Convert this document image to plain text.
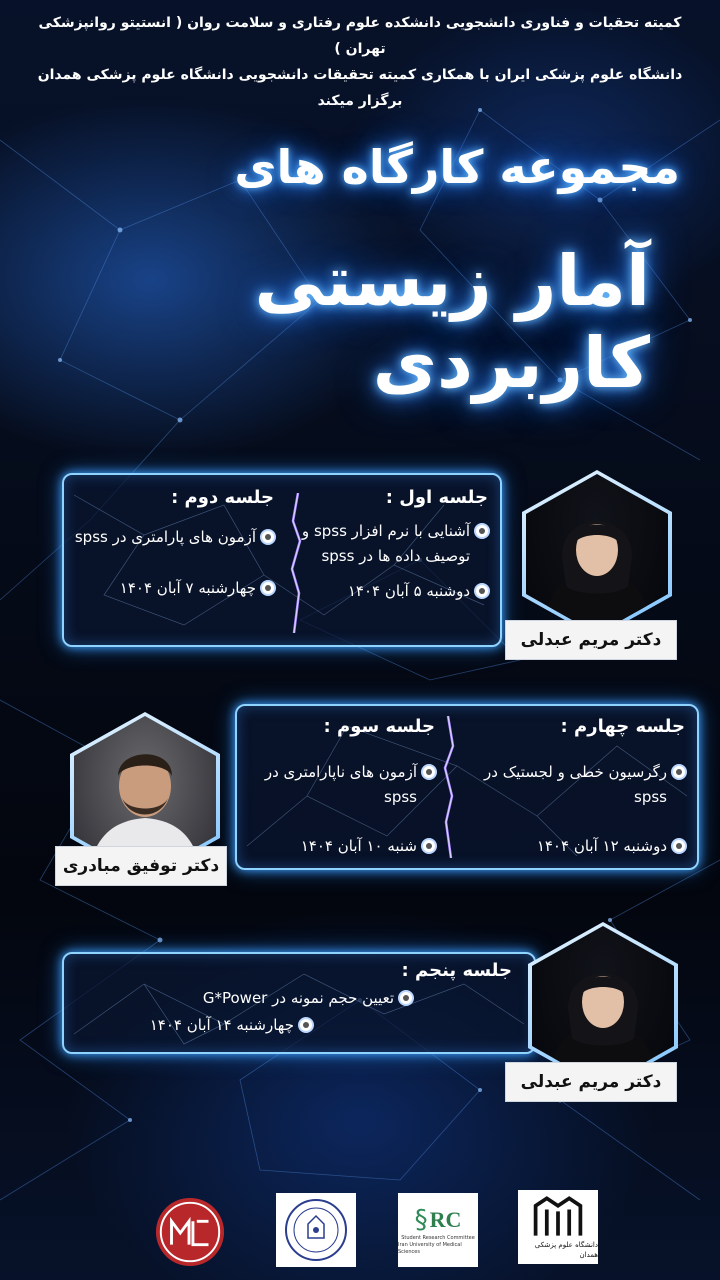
کمیته تحقیات و فناوری دانشجویی دانشکده علوم رفتاری و سلامت روان ( انستیتو روانپزشکی تهران )
دانشگاه علوم پزشکی ایران با همکاری کمیته تحقیقات دانشجویی دانشگاه علوم پزشکی همدان برگزار میکند
مجموعه کارگاه های
آمار زیستی کاربردی
جلسه اول :
آشنایی با نرم افزار spss و توصیف داده ها در spss
دوشنبه ۵ آبان ۱۴۰۴
جلسه دوم :
آزمون های پارامتری در spss
چهارشنبه ۷ آبان ۱۴۰۴
دکتر مریم عبدلی
جلسه چهارم :
رگرسیون خطی و لجستیک در spss
دوشنبه ۱۲ آبان ۱۴۰۴
جلسه سوم :
آزمون های ناپارامتری در spss
شنبه ۱۰ آبان ۱۴۰۴
دکتر توفیق مبادری
جلسه پنجم :
تعیین حجم نمونه در G*Power
چهارشنبه ۱۴ آبان ۱۴۰۴
دکتر مریم عبدلی
§ RC
Student Research Committee
Iran University of Medical Sciences
دانشگاه علوم پزشکی همدان
